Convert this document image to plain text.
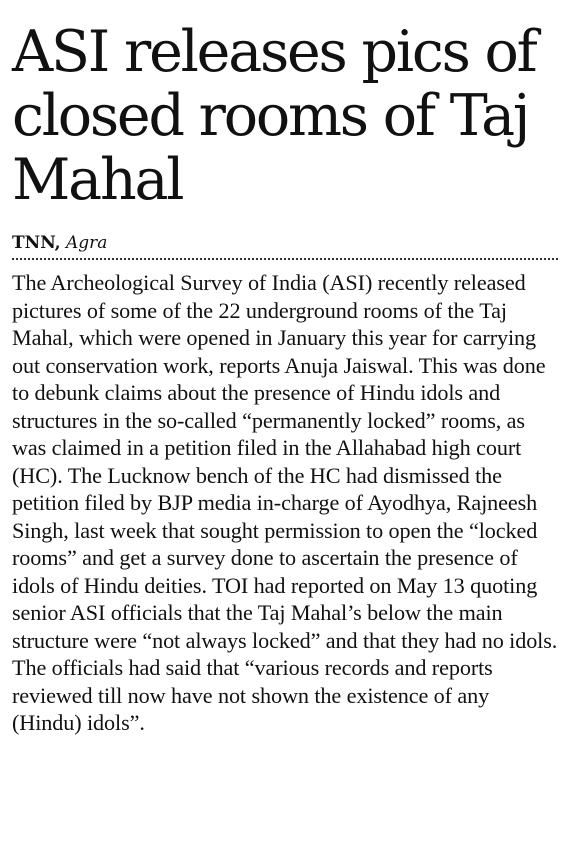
ASI releases pics of closed rooms of Taj Mahal
TNN, Agra

The Archeological Survey of India (ASI) recently released pictures of some of the 22 underground rooms of the Taj Mahal, which were opened in January this year for carrying out conservation work, reports Anuja Jaiswal. This was done to debunk claims about the presence of Hindu idols and structures in the so-called “permanently locked” rooms, as was claimed in a petition filed in the Allahabad high court (HC). The Lucknow bench of the HC had dismissed the petition filed by BJP media in-charge of Ayodhya, Rajneesh Singh, last week that sought permission to open the “locked rooms” and get a survey done to ascertain the presence of idols of Hindu deities. TOI had reported on May 13 quoting senior ASI officials that the Taj Mahal’s below the main structure were “not always locked” and that they had no idols. The officials had said that “various records and reports reviewed till now have not shown the existence of any (Hindu) idols”.
